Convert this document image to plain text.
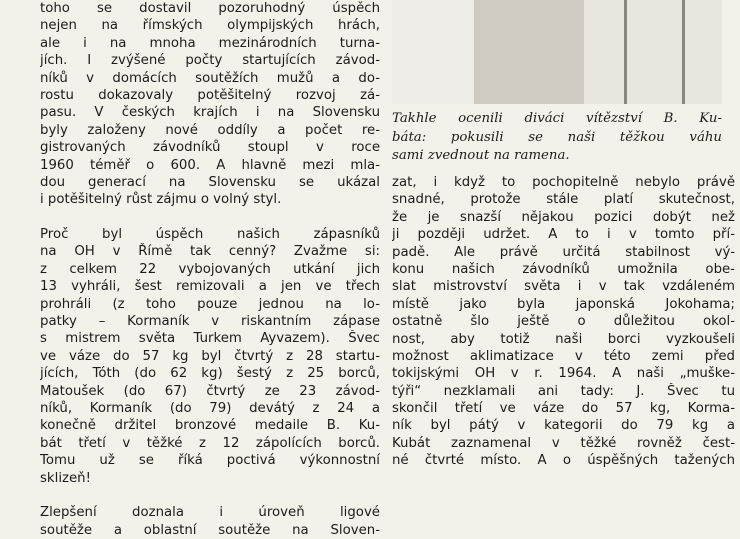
toho se dostavil pozoruhodný úspěch
nejen na římských olympijských hrách,
ale i na mnoha mezinárodních turna-
jích. I zvýšené počty startujících závod-
níků v domácích soutěžích mužů a do-
rostu dokazovaly potěšitelný rozvoj zá-
pasu. V českých krajích i na Slovensku
byly založeny nové oddíly a počet re-
gistrovaných závodníků stoupl v roce
1960 téměř o 600. A hlavně mezi mla-
dou generací na Slovensku se ukázal
i potěšitelný růst zájmu o volný styl.
Proč byl úspěch našich zápasníků
na OH v Římě tak cenný? Zvažme si:
z celkem 22 vybojovaných utkání jich
13 vyhráli, šest remizovali a jen ve třech
prohráli (z toho pouze jednou na lo-
patky – Kormaník v riskantním zápase
s mistrem světa Turkem Ayvazem). Švec
ve váze do 57 kg byl čtvrtý z 28 startu-
jících, Tóth (do 62 kg) šestý z 25 borců,
Matoušek (do 67) čtvrtý ze 23 závod-
níků, Kormaník (do 79) devátý z 24 a
konečně držitel bronzové medaile B. Ku-
bát třetí v těžké z 12 zápolících borců.
Tomu už se říká poctivá výkonnostní
sklizeň!
Zlepšení doznala i úroveň ligové
soutěže a oblastní soutěže na Sloven-
Takhle ocenili diváci vítězství B. Ku-
báta: pokusili se naši těžkou váhu
sami zvednout na ramena.
zat, i když to pochopitelně nebylo právě
snadné, protože stále platí skutečnost,
že je snazší nějakou pozici dobýt než
ji později udržet. A to i v tomto pří-
padě. Ale právě určitá stabilnost vý-
konu našich závodníků umožnila obe-
slat mistrovství světa i v tak vzdáleném
místě jako byla japonská Jokohama;
ostatně šlo ještě o důležitou okol-
nost, aby totiž naši borci vyzkoušeli
možnost aklimatizace v této zemi před
tokijskými OH v r. 1964. A naši „muške-
týři“ nezklamali ani tady: J. Švec tu
skončil třetí ve váze do 57 kg, Korma-
ník byl pátý v kategorii do 79 kg a
Kubát zaznamenal v těžké rovněž čest-
né čtvrté místo. A o úspěšných tažených
